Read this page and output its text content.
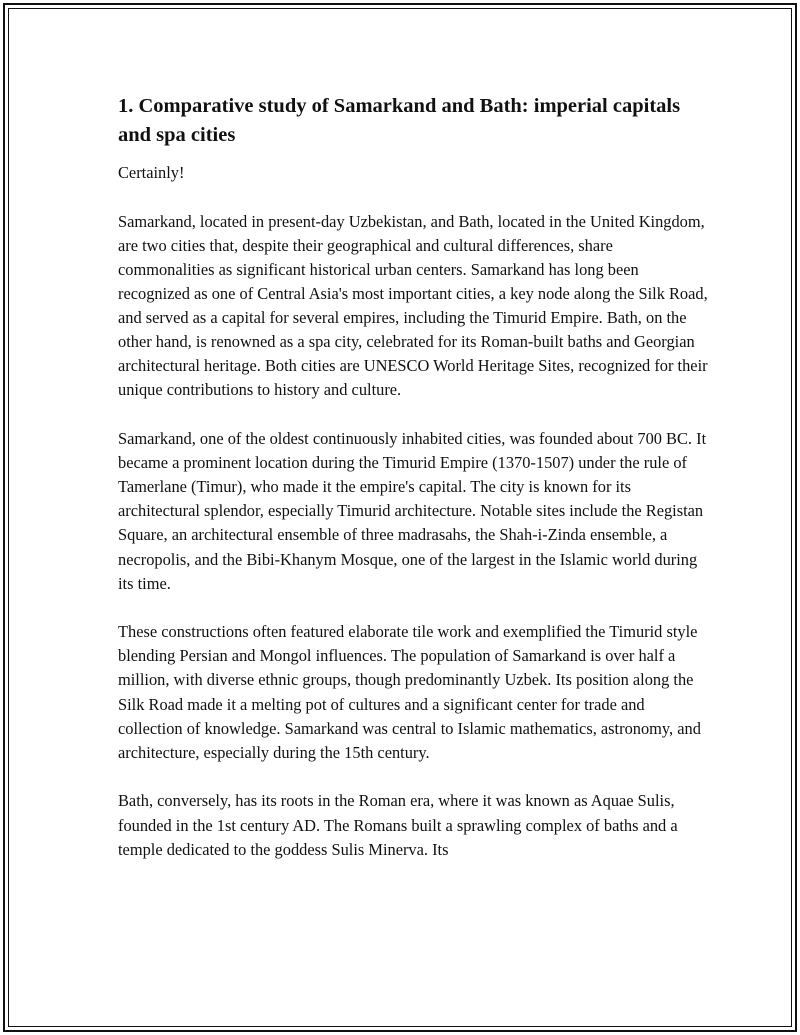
1. Comparative study of Samarkand and Bath: imperial capitals and spa cities

Certainly!

Samarkand, located in present-day Uzbekistan, and Bath, located in the United Kingdom, are two cities that, despite their geographical and cultural differences, share commonalities as significant historical urban centers. Samarkand has long been recognized as one of Central Asia's most important cities, a key node along the Silk Road, and served as a capital for several empires, including the Timurid Empire. Bath, on the other hand, is renowned as a spa city, celebrated for its Roman-built baths and Georgian architectural heritage. Both cities are UNESCO World Heritage Sites, recognized for their unique contributions to history and culture.

Samarkand, one of the oldest continuously inhabited cities, was founded about 700 BC. It became a prominent location during the Timurid Empire (1370-1507) under the rule of Tamerlane (Timur), who made it the empire's capital. The city is known for its architectural splendor, especially Timurid architecture. Notable sites include the Registan Square, an architectural ensemble of three madrasahs, the Shah-i-Zinda ensemble, a necropolis, and the Bibi-Khanym Mosque, one of the largest in the Islamic world during its time.

These constructions often featured elaborate tile work and exemplified the Timurid style blending Persian and Mongol influences. The population of Samarkand is over half a million, with diverse ethnic groups, though predominantly Uzbek. Its position along the Silk Road made it a melting pot of cultures and a significant center for trade and collection of knowledge. Samarkand was central to Islamic mathematics, astronomy, and architecture, especially during the 15th century.

Bath, conversely, has its roots in the Roman era, where it was known as Aquae Sulis, founded in the 1st century AD. The Romans built a sprawling complex of baths and a temple dedicated to the goddess Sulis Minerva. Its
